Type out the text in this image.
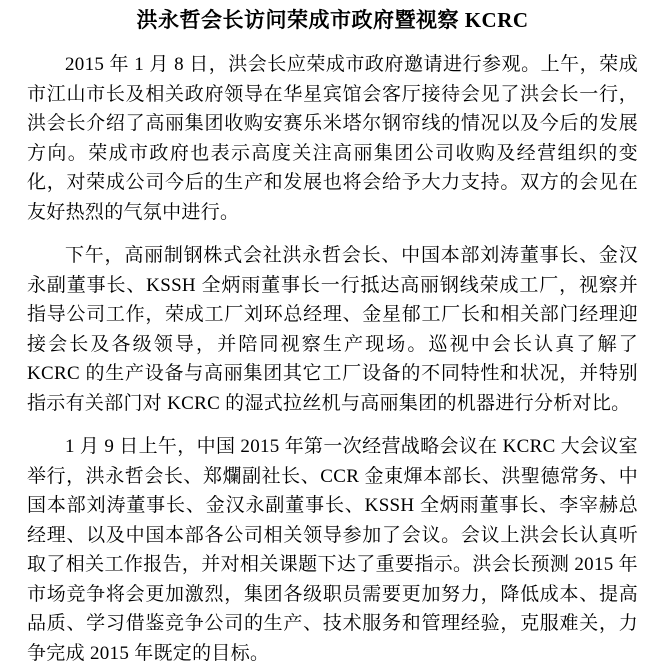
洪永哲会长访问荣成市政府暨视察 KCRC

2015 年 1 月 8 日，洪会长应荣成市政府邀请进行参观。上午，荣成市江山市长及相关政府领导在华星宾馆会客厅接待会见了洪会长一行，洪会长介绍了高丽集团收购安赛乐米塔尔钢帘线的情况以及今后的发展方向。荣成市政府也表示高度关注高丽集团公司收购及经营组织的变化，对荣成公司今后的生产和发展也将会给予大力支持。双方的会见在友好热烈的气氛中进行。

下午，高丽制钢株式会社洪永哲会长、中国本部刘涛董事长、金汉永副董事长、KSSH 全炳雨董事长一行抵达高丽钢线荣成工厂，视察并指导公司工作，荣成工厂刘环总经理、金星郁工厂长和相关部门经理迎接会长及各级领导，并陪同视察生产现场。巡视中会长认真了解了 KCRC 的生产设备与高丽集团其它工厂设备的不同特性和状况，并特别指示有关部门对 KCRC 的湿式拉丝机与高丽集团的机器进行分析对比。

1 月 9 日上午，中国 2015 年第一次经营战略会议在 KCRC 大会议室举行，洪永哲会长、郑爛副社长、CCR 金東煇本部长、洪聖德常务、中国本部刘涛董事长、金汉永副董事长、KSSH 全炳雨董事长、李宰赫总经理、以及中国本部各公司相关领导参加了会议。会议上洪会长认真听取了相关工作报告，并对相关课题下达了重要指示。洪会长预测 2015 年市场竞争将会更加激烈，集团各级职员需要更加努力，降低成本、提高品质、学习借鉴竞争公司的生产、技术服务和管理经验，克服难关，力争完成 2015 年既定的目标。
